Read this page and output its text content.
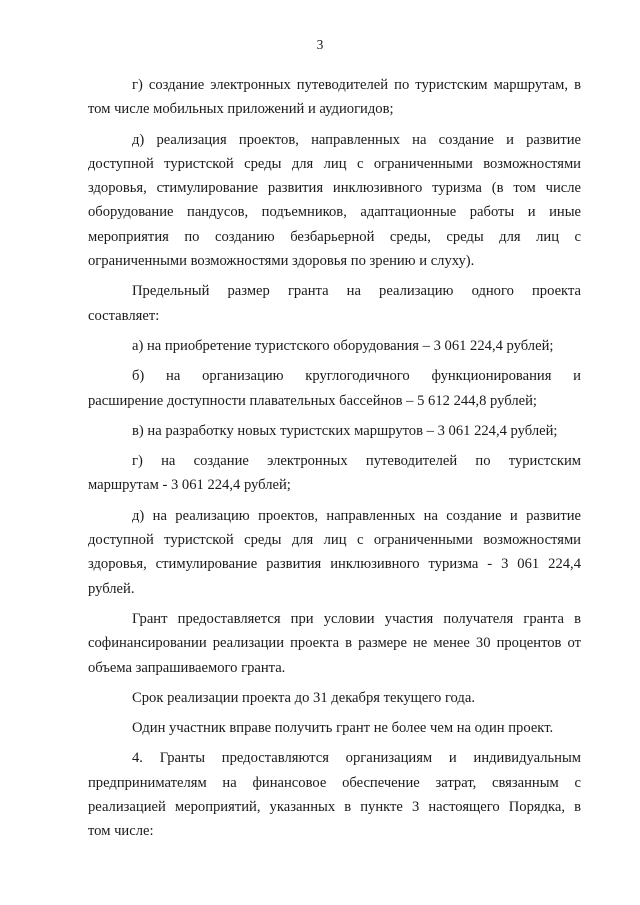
3
г) создание электронных путеводителей по туристским маршрутам, в
том числе мобильных приложений и аудиогидов;
д) реализация проектов, направленных на создание и развитие
доступной туристской среды для лиц с ограниченными возможностями
здоровья, стимулирование развития инклюзивного туризма (в том числе
оборудование пандусов, подъемников, адаптационные работы и иные
мероприятия по созданию безбарьерной среды, среды для лиц с
ограниченными возможностями здоровья по зрению и слуху).
Предельный размер гранта на реализацию одного проекта
составляет:
а) на приобретение туристского оборудования – 3 061 224,4 рублей;
б) на организацию круглогодичного функционирования и
расширение доступности плавательных бассейнов – 5 612 244,8 рублей;
в) на разработку новых туристских маршрутов – 3 061 224,4 рублей;
г) на создание электронных путеводителей по туристским
маршрутам - 3 061 224,4 рублей;
д) на реализацию проектов, направленных на создание и развитие
доступной туристской среды для лиц с ограниченными возможностями
здоровья, стимулирование развития инклюзивного туризма - 3 061 224,4
рублей.
Грант предоставляется при условии участия получателя гранта в
софинансировании реализации проекта в размере не менее 30 процентов от
объема запрашиваемого гранта.
Срок реализации проекта до 31 декабря текущего года.
Один участник вправе получить грант не более чем на один проект.
4. Гранты предоставляются организациям и индивидуальным
предпринимателям на финансовое обеспечение затрат, связанным с
реализацией мероприятий, указанных в пункте 3 настоящего Порядка, в
том числе:
